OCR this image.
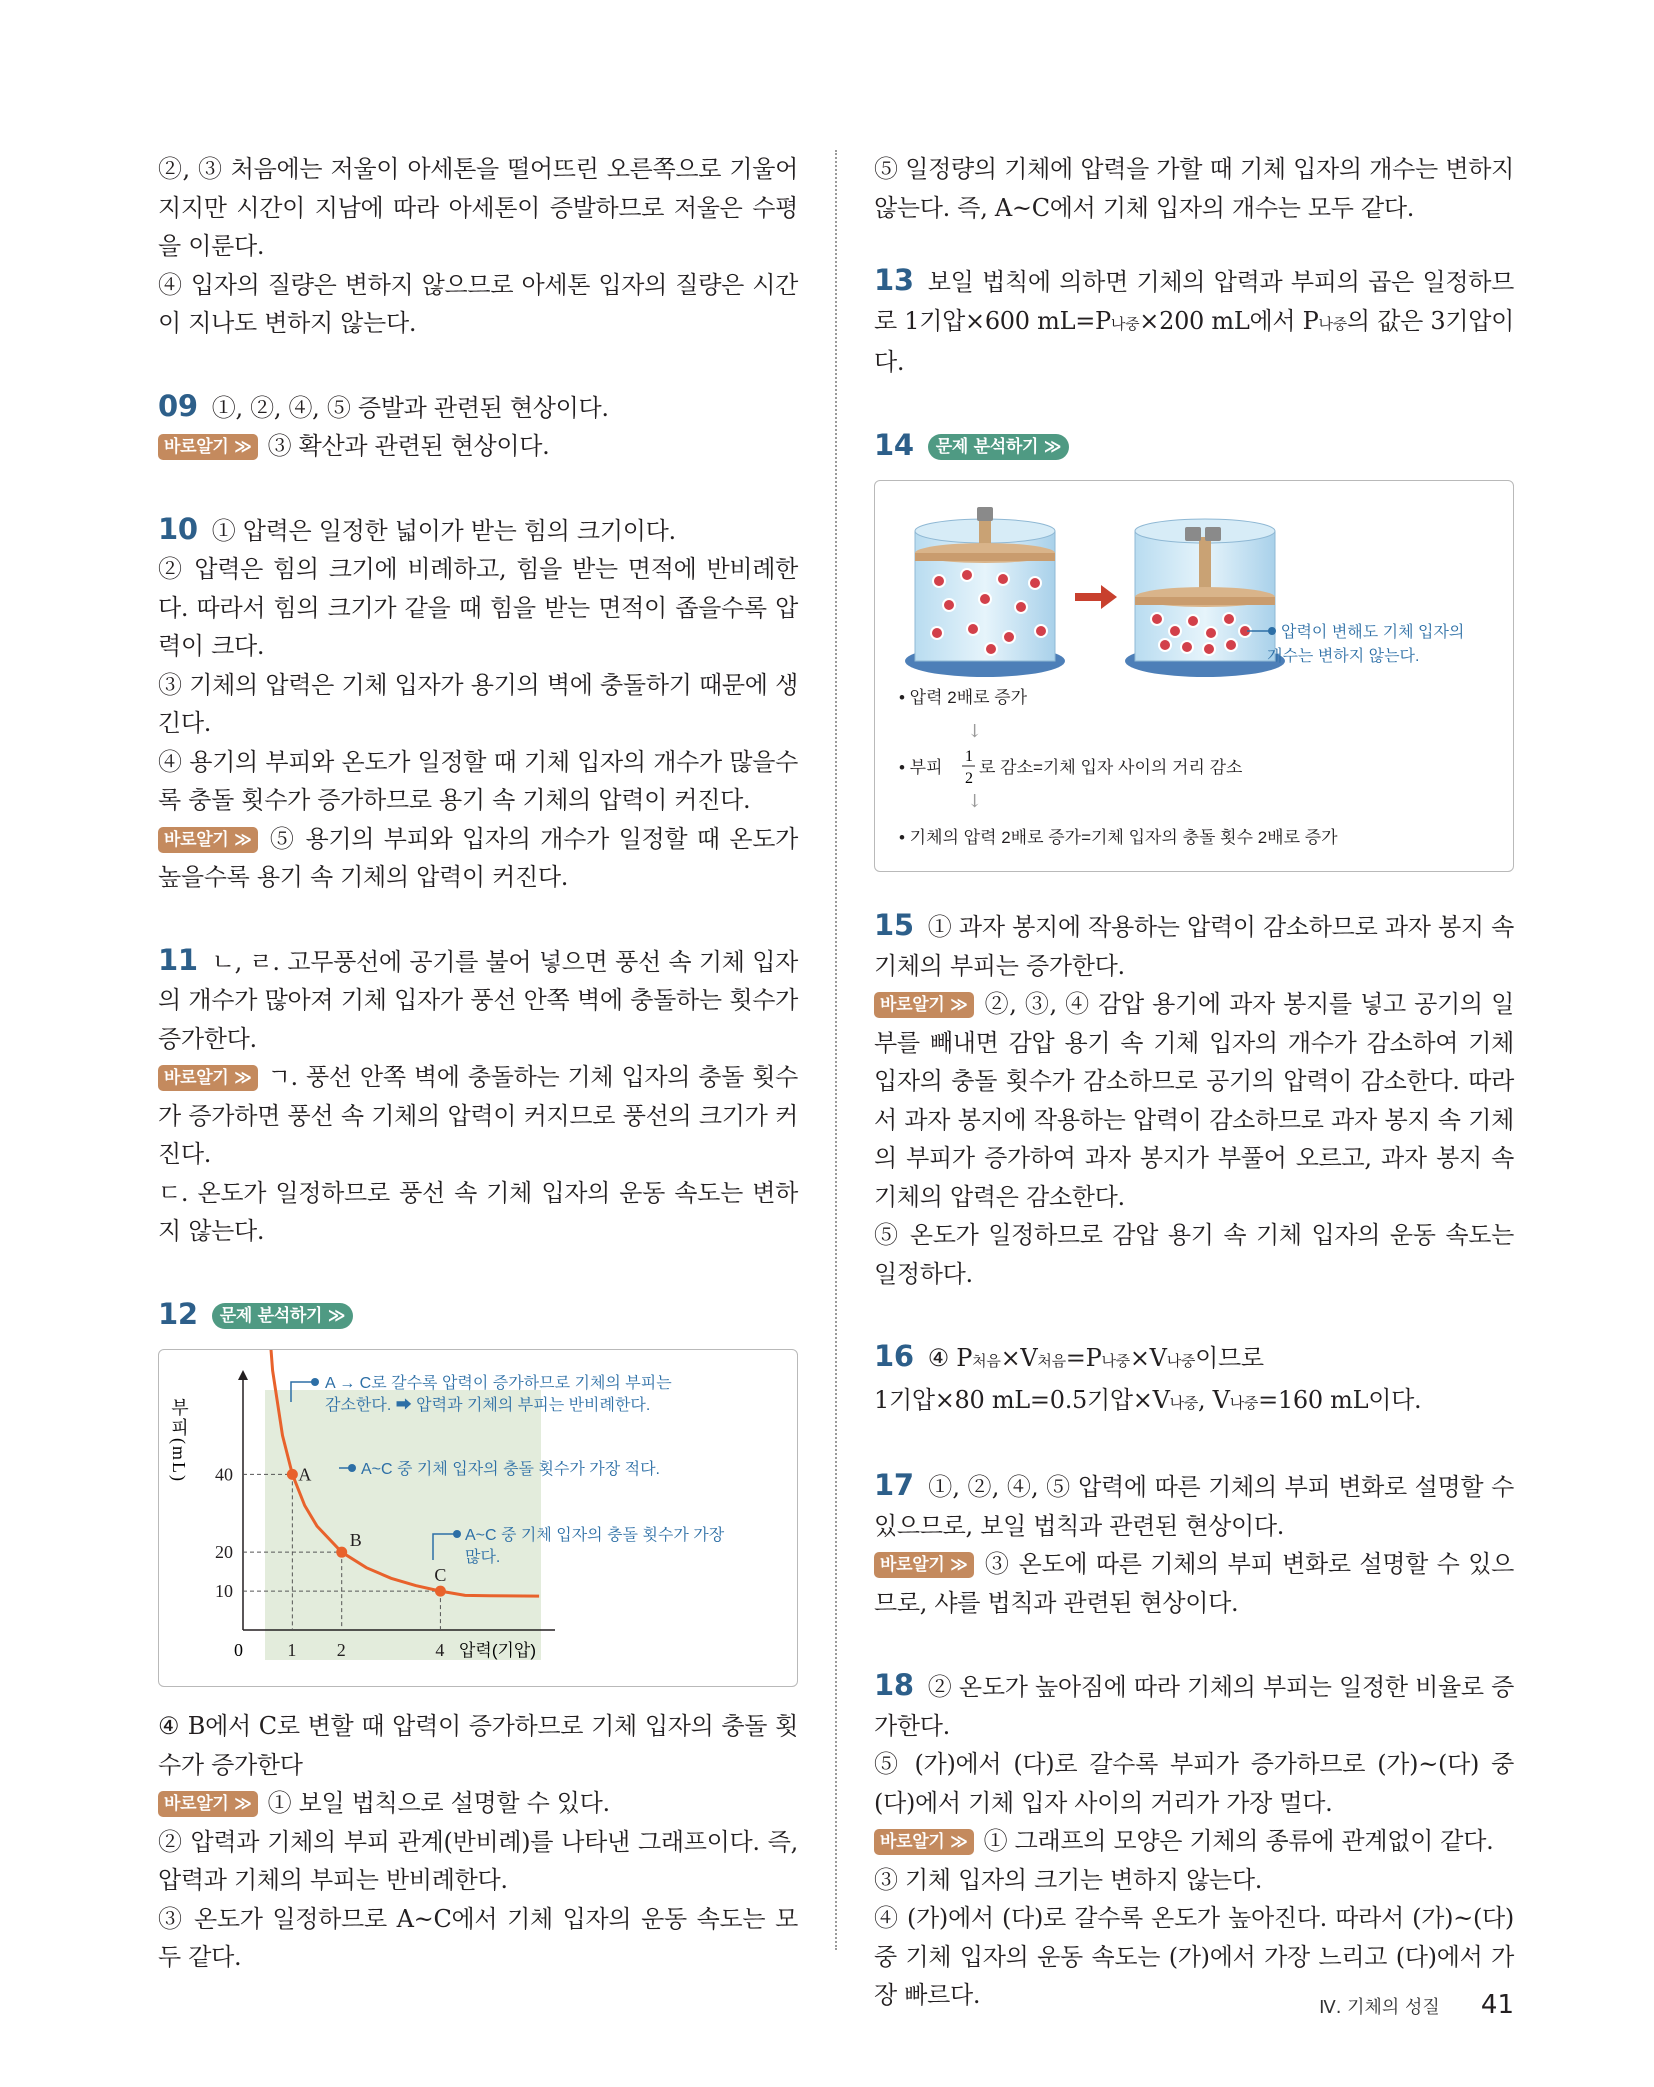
②, ③ 처음에는 저울이 아세톤을 떨어뜨린 오른쪽으로 기울어지지만 시간이 지남에 따라 아세톤이 증발하므로 저울은 수평을 이룬다.

④ 입자의 질량은 변하지 않으므로 아세톤 입자의 질량은 시간이 지나도 변하지 않는다.

09 ①, ②, ④, ⑤ 증발과 관련된 현상이다.

바로알기 ≫ ③ 확산과 관련된 현상이다.

10 ① 압력은 일정한 넓이가 받는 힘의 크기이다.

② 압력은 힘의 크기에 비례하고, 힘을 받는 면적에 반비례한다. 따라서 힘의 크기가 같을 때 힘을 받는 면적이 좁을수록 압력이 크다.

③ 기체의 압력은 기체 입자가 용기의 벽에 충돌하기 때문에 생긴다.

④ 용기의 부피와 온도가 일정할 때 기체 입자의 개수가 많을수록 충돌 횟수가 증가하므로 용기 속 기체의 압력이 커진다.

바로알기 ≫ ⑤ 용기의 부피와 입자의 개수가 일정할 때 온도가 높을수록 용기 속 기체의 압력이 커진다.

11 ㄴ, ㄹ. 고무풍선에 공기를 불어 넣으면 풍선 속 기체 입자의 개수가 많아져 기체 입자가 풍선 안쪽 벽에 충돌하는 횟수가 증가한다.

바로알기 ≫ ㄱ. 풍선 안쪽 벽에 충돌하는 기체 입자의 충돌 횟수가 증가하면 풍선 속 기체의 압력이 커지므로 풍선의 크기가 커진다.

ㄷ. 온도가 일정하므로 풍선 속 기체 입자의 운동 속도는 변하지 않는다.

12 문제 분석하기 ≫

A
B
C
1 2	4
10
20
40
부피(mL)
0	압력(기압)
A → C로 갈수록 압력이 증가하므로 기체의 부피는
감소한다. ➡ 압력과 기체의 부피는 반비례한다.
A~C 중 기체 입자의 충돌 횟수가 가장 적다.
A~C 중 기체 입자의 충돌 횟수가 가장
많다.

④ B에서 C로 변할 때 압력이 증가하므로 기체 입자의 충돌 횟수가 증가한다

바로알기 ≫ ① 보일 법칙으로 설명할 수 있다.

② 압력과 기체의 부피 관계(반비례)를 나타낸 그래프이다. 즉, 압력과 기체의 부피는 반비례한다.

③ 온도가 일정하므로 A~C에서 기체 입자의 운동 속도는 모두 같다.

⑤ 일정량의 기체에 압력을 가할 때 기체 입자의 개수는 변하지 않는다. 즉, A~C에서 기체 입자의 개수는 모두 같다.

13 보일 법칙에 의하면 기체의 압력과 부피의 곱은 일정하므로 1기압×600 mL=P나중×200 mL에서 P나중의 값은 3기압이다.

14 문제 분석하기 ≫

압력이 변해도 기체 입자의
개수는 변하지 않는다.
• 압력 2배로 증가
↓
• 부피
1
2
로 감소=기체 입자 사이의 거리 감소
↓
• 기체의 압력 2배로 증가=기체 입자의 충돌 횟수 2배로 증가

15 ① 과자 봉지에 작용하는 압력이 감소하므로 과자 봉지 속 기체의 부피는 증가한다.

바로알기 ≫ ②, ③, ④ 감압 용기에 과자 봉지를 넣고 공기의 일부를 빼내면 감압 용기 속 기체 입자의 개수가 감소하여 기체 입자의 충돌 횟수가 감소하므로 공기의 압력이 감소한다. 따라서 과자 봉지에 작용하는 압력이 감소하므로 과자 봉지 속 기체의 부피가 증가하여 과자 봉지가 부풀어 오르고, 과자 봉지 속 기체의 압력은 감소한다.

⑤ 온도가 일정하므로 감압 용기 속 기체 입자의 운동 속도는 일정하다.

16 ④ P처음×V처음=P나중×V나중이므로

1기압×80 mL=0.5기압×V나중, V나중=160 mL이다.

17 ①, ②, ④, ⑤ 압력에 따른 기체의 부피 변화로 설명할 수 있으므로, 보일 법칙과 관련된 현상이다.

바로알기 ≫ ③ 온도에 따른 기체의 부피 변화로 설명할 수 있으므로, 샤를 법칙과 관련된 현상이다.

18 ② 온도가 높아짐에 따라 기체의 부피는 일정한 비율로 증가한다.

⑤ (가)에서 (다)로 갈수록 부피가 증가하므로 (가)~(다) 중 (다)에서 기체 입자 사이의 거리가 가장 멀다.

바로알기 ≫ ① 그래프의 모양은 기체의 종류에 관계없이 같다.

③ 기체 입자의 크기는 변하지 않는다.

④ (가)에서 (다)로 갈수록 온도가 높아진다. 따라서 (가)~(다) 중 기체 입자의 운동 속도는 (가)에서 가장 느리고 (다)에서 가장 빠르다.	Ⅳ. 기체의 성질 41
